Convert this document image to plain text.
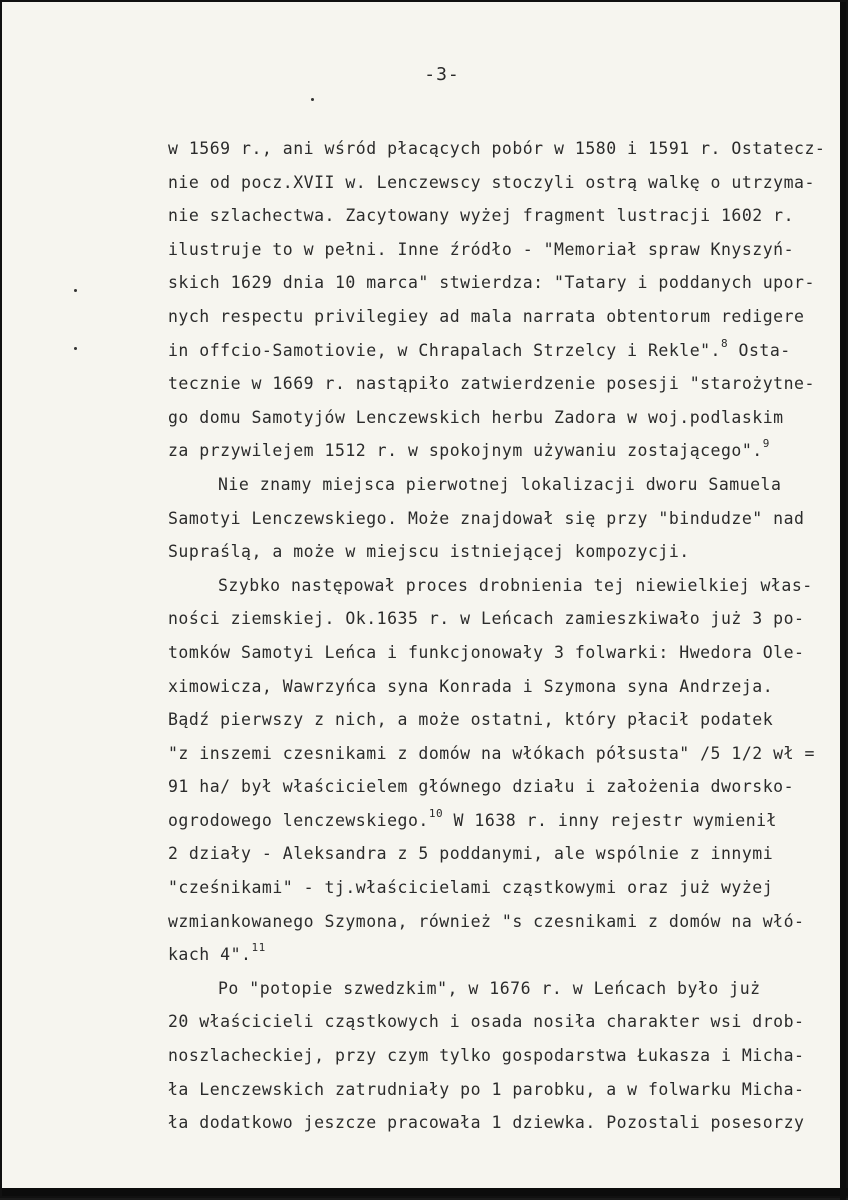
-3-
w 1569 r., ani wśród płacących pobór w 1580 i 1591 r. Ostatecz-
nie od pocz.XVII w. Lenczewscy stoczyli ostrą walkę o utrzyma-
nie szlachectwa. Zacytowany wyżej fragment lustracji 1602 r.
ilustruje to w pełni. Inne źródło - "Memoriał spraw Knyszyń-
skich 1629 dnia 10 marca" stwierdza: "Tatary i poddanych upor-
nych respectu privilegiey ad mala narrata obtentorum redigere
in offcio-Samotiovie, w Chrapalach Strzelcy i Rekle".$^8$ Osta-
tecznie w 1669 r. nastąpiło zatwierdzenie posesji "starożytne-
go domu Samotyjów Lenczewskich herbu Zadora w woj.podlaskim
za przywilejem 1512 r. w spokojnym używaniu zostającego".$^9$
Nie znamy miejsca pierwotnej lokalizacji dworu Samuela
Samotyi Lenczewskiego. Może znajdował się przy "bindudze" nad
Supraślą, a może w miejscu istniejącej kompozycji.
Szybko następował proces drobnienia tej niewielkiej włas-
ności ziemskiej. Ok.1635 r. w Leńcach zamieszkiwało już 3 po-
tomków Samotyi Leńca i funkcjonowały 3 folwarki: Hwedora Ole-
ximowicza, Wawrzyńca syna Konrada i Szymona syna Andrzeja.
Bądź pierwszy z nich, a może ostatni, który płacił podatek
"z inszemi czesnikami z domów na włókach półsusta" /5 1/2 wł =
91 ha/ był właścicielem głównego działu i założenia dworsko-
ogrodowego lenczewskiego.$^{10}$ W 1638 r. inny rejestr wymienił
2 działy - Aleksandra z 5 poddanymi, ale wspólnie z innymi
"cześnikami" - tj.właścicielami cząstkowymi oraz już wyżej
wzmiankowanego Szymona, również "s czesnikami z domów na włó-
kach 4".$^{11}$
Po "potopie szwedzkim", w 1676 r. w Leńcach było już
20 właścicieli cząstkowych i osada nosiła charakter wsi drob-
noszlacheckiej, przy czym tylko gospodarstwa Łukasza i Micha-
ła Lenczewskich zatrudniały po 1 parobku, a w folwarku Micha-
ła dodatkowo jeszcze pracowała 1 dziewka. Pozostali posesorzy
